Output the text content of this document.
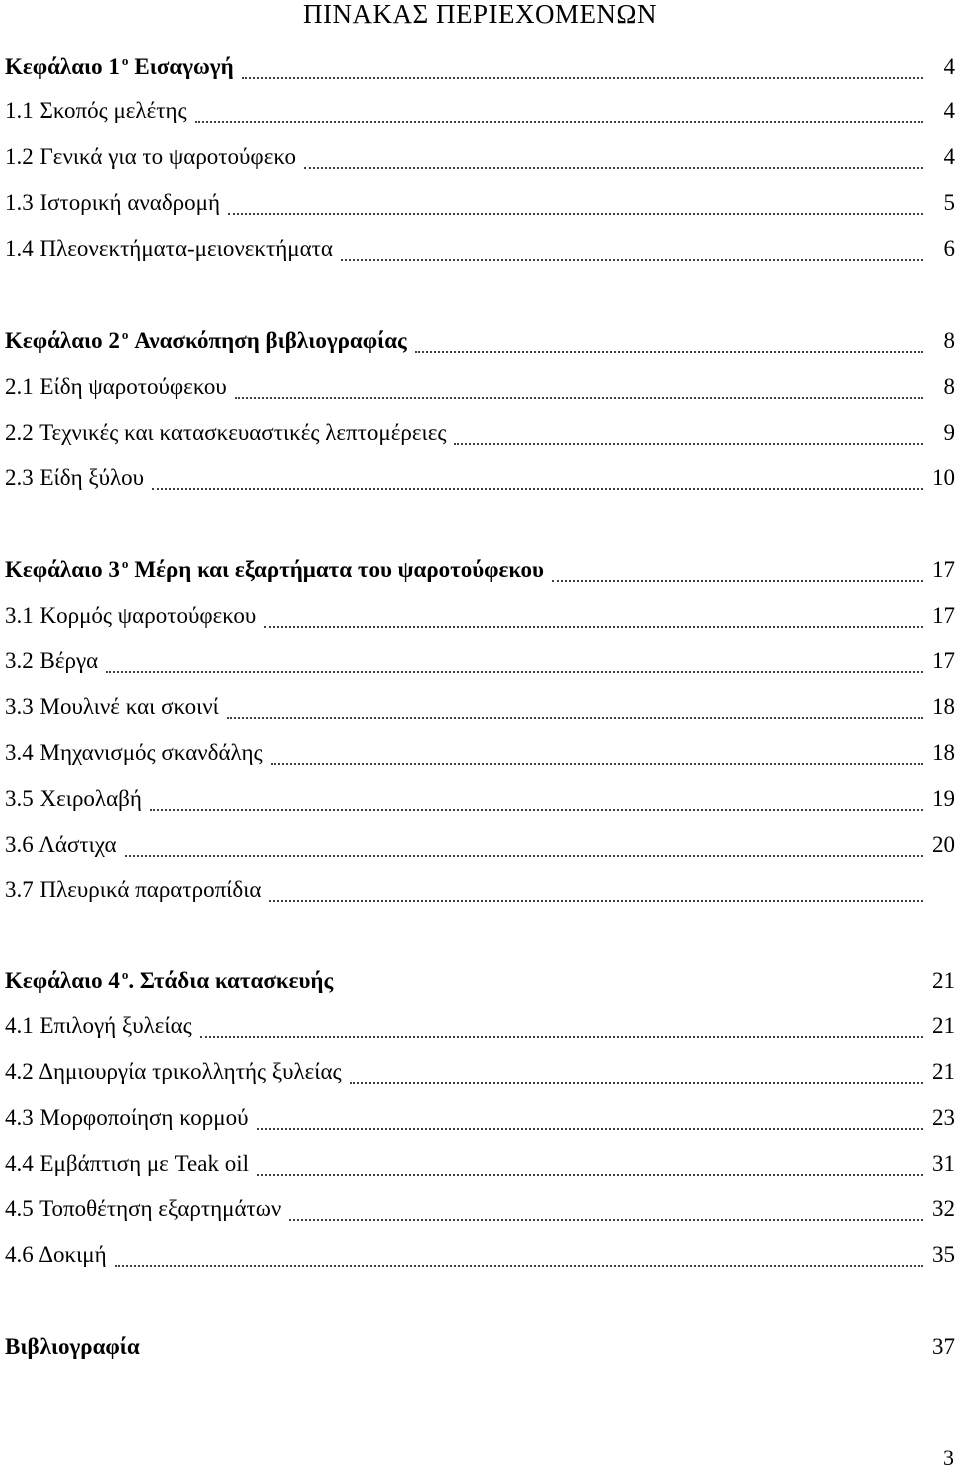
ΠΙΝΑΚΑΣ ΠΕΡΙΕΧΟΜΕΝΩΝ
Κεφάλαιο 1 $^o$ Εισαγωγή	4
1.1 Σκοπός μελέτης	4
1.2 Γενικά για το ψαροτούφεκο	4
1.3 Ιστορική αναδρομή	5
1.4 Πλεονεκτήματα-μειονεκτήματα	6
Κεφάλαιο 2 $^o$ Ανασκόπηση βιβλιογραφίας	8
2.1 Είδη ψαροτούφεκου	8
2.2 Τεχνικές και κατασκευαστικές λεπτομέρειες	9
2.3 Είδη ξύλου	10
Κεφάλαιο 3 $^o$ Μέρη και εξαρτήματα του ψαροτούφεκου	17
3.1 Κορμός ψαροτούφεκου	17
3.2 Βέργα	17
3.3 Μουλινέ και σκοινί	18
3.4 Μηχανισμός σκανδάλης	18
3.5 Χειρολαβή	19
3.6 Λάστιχα	20
3.7 Πλευρικά παρατροπίδια
Κεφάλαιο 4 $^o$. Στάδια κατασκευής	21
4.1 Επιλογή ξυλείας	21
4.2 Δημιουργία τρικολλητής ξυλείας	21
4.3 Μορφοποίηση κορμού	23
4.4 Εμβάπτιση με Teak oil	31
4.5 Τοποθέτηση εξαρτημάτων	32
4.6 Δοκιμή	35
Βιβλιογραφία	37
3
